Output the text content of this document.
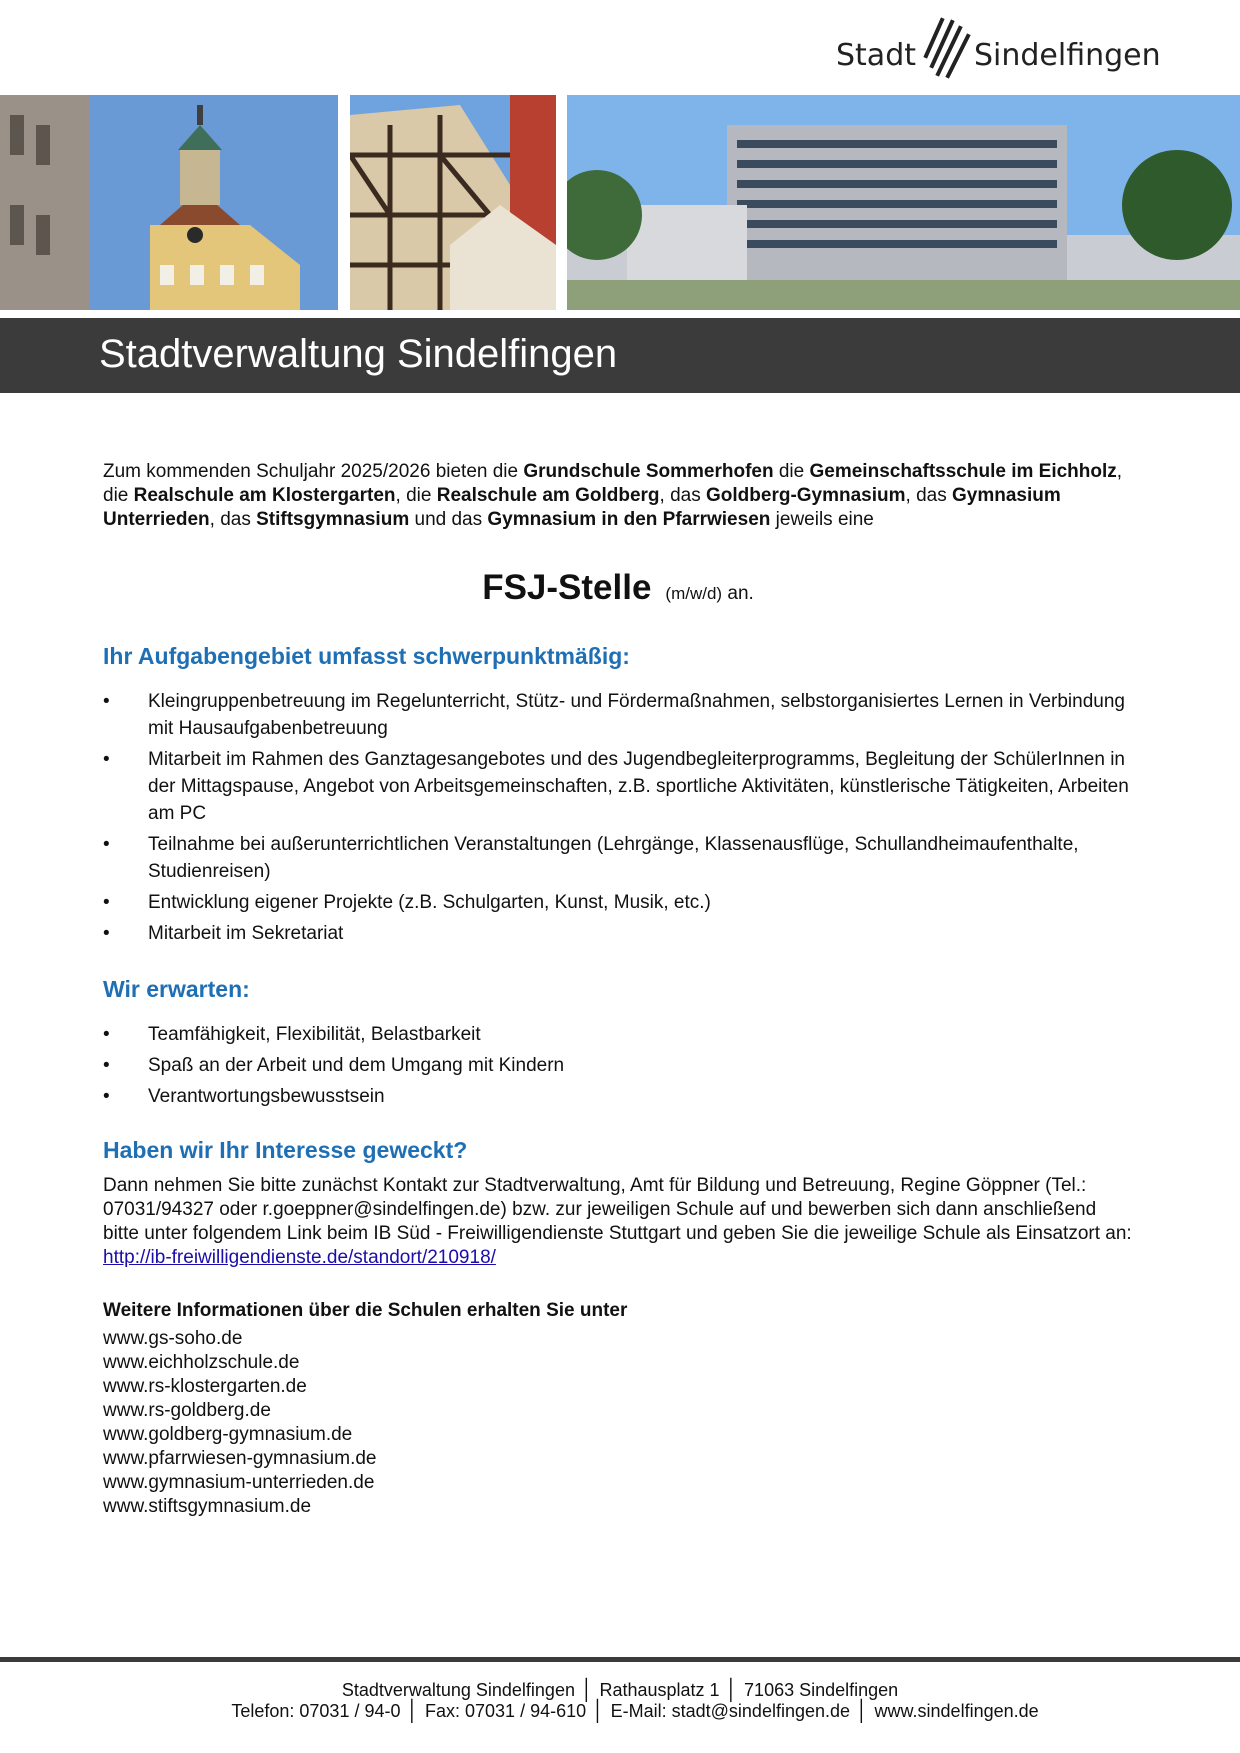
Stadt Sindelfingen
Stadtverwaltung Sindelfingen

Zum kommenden Schuljahr 2025/2026 bieten die Grundschule Sommerhofen die Gemeinschaftsschule im Eichholz, die Realschule am Klostergarten, die Realschule am Goldberg, das Goldberg-Gymnasium, das Gymnasium Unterrieden, das Stiftsgymnasium und das Gymnasium in den Pfarrwiesen jeweils eine

FSJ-Stelle (m/w/d) an.
Ihr Aufgabengebiet umfasst schwerpunktmäßig:
• Kleingruppenbetreuung im Regelunterricht, Stütz- und Fördermaßnahmen, selbstorganisiertes Lernen in Verbindung mit Hausaufgabenbetreuung
• Mitarbeit im Rahmen des Ganztagesangebotes und des Jugendbegleiterprogramms, Begleitung der SchülerInnen in der Mittagspause, Angebot von Arbeitsgemeinschaften, z.B. sportliche Aktivitäten, künstlerische Tätigkeiten, Arbeiten am PC
• Teilnahme bei außerunterrichtlichen Veranstaltungen (Lehrgänge, Klassenausflüge, Schullandheimaufenthalte, Studienreisen)
• Entwicklung eigener Projekte (z.B. Schulgarten, Kunst, Musik, etc.)
• Mitarbeit im Sekretariat
Wir erwarten:
• Teamfähigkeit, Flexibilität, Belastbarkeit
• Spaß an der Arbeit und dem Umgang mit Kindern
• Verantwortungsbewusstsein
Haben wir Ihr Interesse geweckt?
Dann nehmen Sie bitte zunächst Kontakt zur Stadtverwaltung, Amt für Bildung und Betreuung, Regine Göppner (Tel.: 07031/94327 oder r.goeppner@sindelfingen.de) bzw. zur jeweiligen Schule auf und bewerben sich dann anschließend bitte unter folgendem Link beim IB Süd - Freiwilligendienste Stuttgart und geben Sie die jeweilige Schule als Einsatzort an: http://ib-freiwilligendienste.de/standort/210918/
Weitere Informationen über die Schulen erhalten Sie unter
www.gs-soho.de
www.eichholzschule.de
www.rs-klostergarten.de
www.rs-goldberg.de
www.goldberg-gymnasium.de
www.pfarrwiesen-gymnasium.de
www.gymnasium-unterrieden.de
www.stiftsgymnasium.de
Stadtverwaltung Sindelfingen │ Rathausplatz 1 │ 71063 Sindelfingen
Telefon: 07031 / 94-0 │ Fax: 07031 / 94-610 │ E-Mail: stadt@sindelfingen.de │ www.sindelfingen.de
